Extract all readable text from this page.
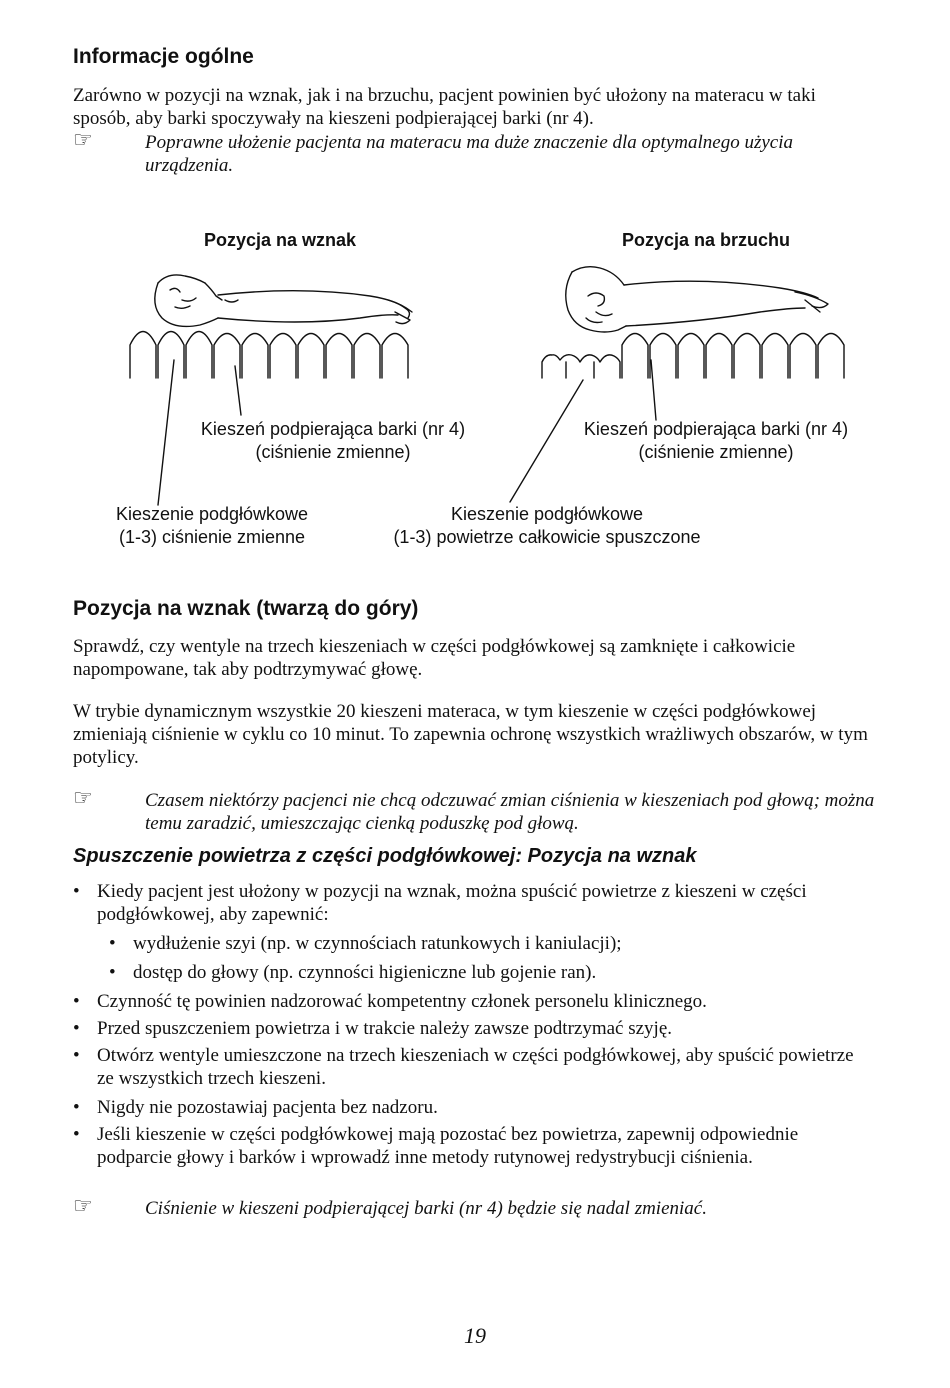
Informacje ogólne
Zarówno w pozycji na wznak, jak i na brzuchu, pacjent powinien być ułożony na materacu w taki sposób, aby barki spoczywały na kieszeni podpierającej barki (nr 4).
☞	Poprawne ułożenie pacjenta na materacu ma duże znaczenie dla optymalnego użycia urządzenia.
Pozycja na wznak	Pozycja na brzuchu
Kieszeń podpierająca barki (nr 4)
(ciśnienie zmienne)
Kieszeń podpierająca barki (nr 4)
(ciśnienie zmienne)
Kieszenie podgłówkowe
(1-3) ciśnienie zmienne
Kieszenie podgłówkowe
(1-3) powietrze całkowicie spuszczone
Pozycja na wznak (twarzą do góry)
Sprawdź, czy wentyle na trzech kieszeniach w części podgłówkowej są zamknięte i całkowicie napompowane, tak aby podtrzymywać głowę.
W trybie dynamicznym wszystkie 20 kieszeni materaca, w tym kieszenie w części podgłówkowej zmieniają ciśnienie w cyklu co 10 minut. To zapewnia ochronę wszystkich wrażliwych obszarów, w tym potylicy.
☞	Czasem niektórzy pacjenci nie chcą odczuwać zmian ciśnienia w kieszeniach pod głową; można temu zaradzić, umieszczając cienką poduszkę pod głową.
Spuszczenie powietrza z części podgłówkowej: Pozycja na wznak
• Kiedy pacjent jest ułożony w pozycji na wznak, można spuścić powietrze z kieszeni w części podgłówkowej, aby zapewnić:
• wydłużenie szyi (np. w czynnościach ratunkowych i kaniulacji);
• dostęp do głowy (np. czynności higieniczne lub gojenie ran).
• Czynność tę powinien nadzorować kompetentny członek personelu klinicznego.
• Przed spuszczeniem powietrza i w trakcie należy zawsze podtrzymać szyję.
• Otwórz wentyle umieszczone na trzech kieszeniach w części podgłówkowej, aby spuścić powietrze ze wszystkich trzech kieszeni.
• Nigdy nie pozostawiaj pacjenta bez nadzoru.
• Jeśli kieszenie w części podgłówkowej mają pozostać bez powietrza, zapewnij odpowiednie podparcie głowy i barków i wprowadź inne metody rutynowej redystrybucji ciśnienia.
☞	Ciśnienie w kieszeni podpierającej barki (nr 4) będzie się nadal zmieniać.
19
